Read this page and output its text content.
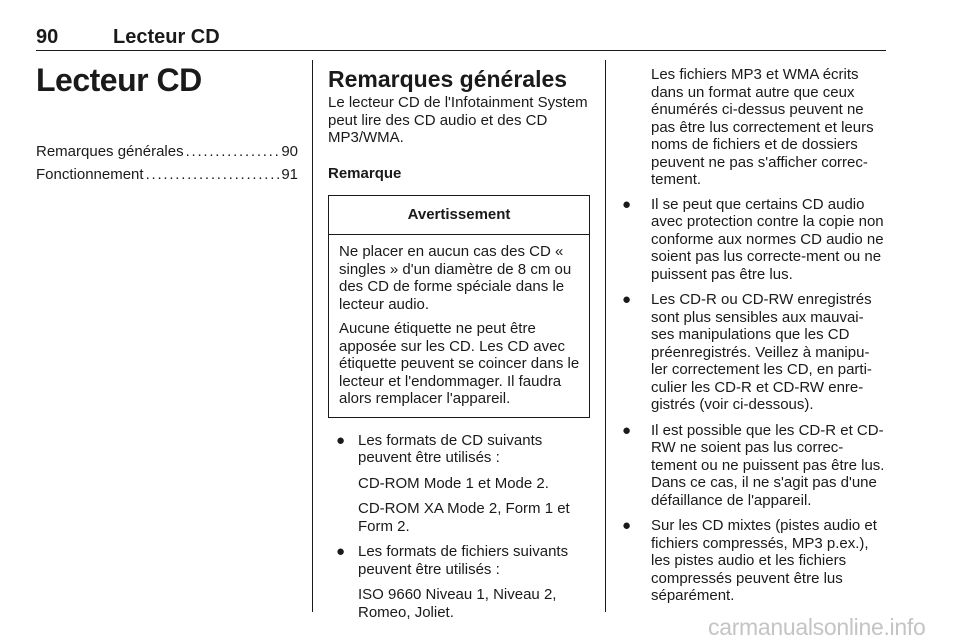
90	Lecteur CD
Lecteur CD
Remarques générales . . .	90
Fonctionnement . . .	91
Remarques générales

Le lecteur CD de l'Infotainment System peut lire des CD audio et des CD MP3/WMA.

Remarque
Avertissement

Ne placer en aucun cas des CD « singles » d'un diamètre de 8 cm ou des CD de forme spéciale dans le lecteur audio.

Aucune étiquette ne peut être apposée sur les CD. Les CD avec étiquette peuvent se coincer dans le lecteur et l'endommager. Il faudra alors remplacer l'appareil.

● Les formats de CD suivants peuvent être utilisés :

CD-ROM Mode 1 et Mode 2.

CD-ROM XA Mode 2, Form 1 et Form 2.

● Les formats de fichiers suivants peuvent être utilisés :

ISO 9660 Niveau 1, Niveau 2, Romeo, Joliet.

Les fichiers MP3 et WMA écrits dans un format autre que ceux énumérés ci-dessus peuvent ne pas être lus correctement et leurs noms de fichiers et de dossiers peuvent ne pas s'afficher correc-tement.

● Il se peut que certains CD audio avec protection contre la copie non conforme aux normes CD audio ne soient pas lus correcte-ment ou ne puissent pas être lus.

● Les CD-R ou CD-RW enregistrés sont plus sensibles aux mauvai-ses manipulations que les CD préenregistrés. Veillez à manipu-ler correctement les CD, en parti-culier les CD-R et CD-RW enre-gistrés (voir ci-dessous).

● Il est possible que les CD-R et CD-RW ne soient pas lus correc-tement ou ne puissent pas être lus. Dans ce cas, il ne s'agit pas d'une défaillance de l'appareil.

● Sur les CD mixtes (pistes audio et fichiers compressés, MP3 p.ex.), les pistes audio et les fichiers compressés peuvent être lus séparément.

carmanualsonline.info
